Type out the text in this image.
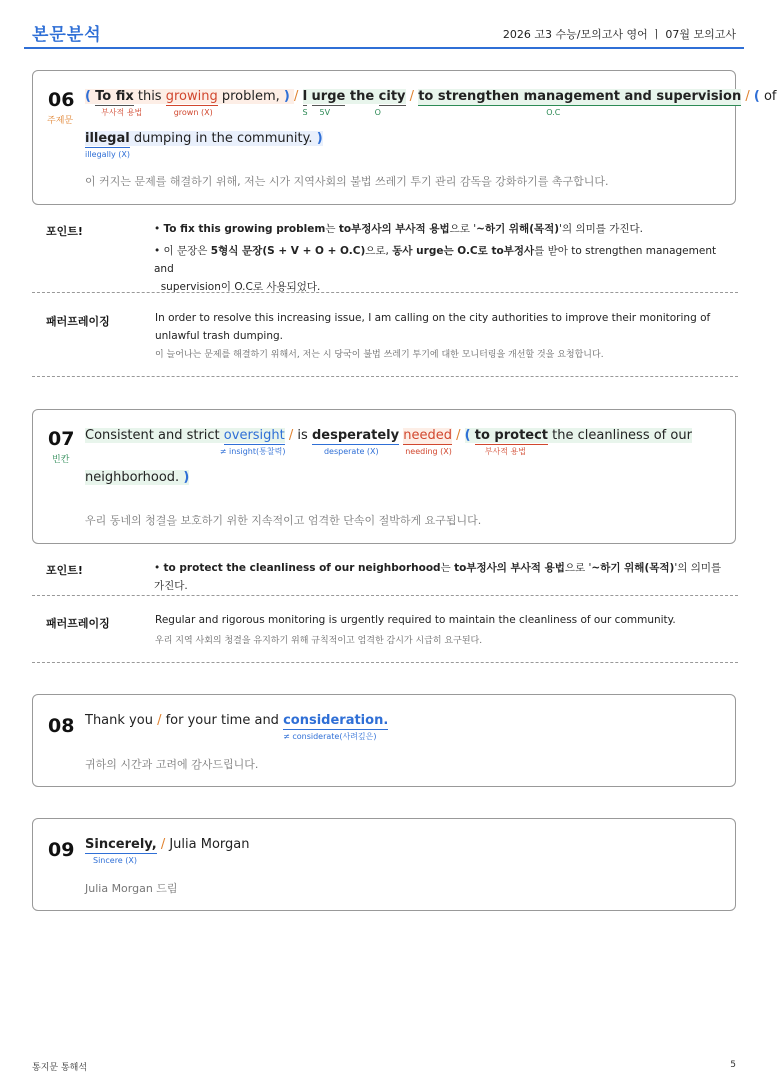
본문분석	2026 고3 수능/모의고사 영어 ㅣ 07월 모의고사
06
주제문
( To fix
부사적 용법
this growing
grown (X)
problem, ) / I
S
urge
5V
the city
O
/ to strengthen management and supervision
O.C
/ ( of
illegal
illegally (X)
dumping in the community. )
이 커지는 문제를 해결하기 위해, 저는 시가 지역사회의 불법 쓰레기 투기 관리 감독을 강화하기를 촉구합니다.
포인트!	• To fix this growing problem는 to부정사의 부사적 용법으로 '~하기 위해(목적)'의 의미를 가진다.
• 이 문장은 5형식 문장(S + V + O + O.C)으로, 동사 urge는 O.C로 to부정사를 받아 to strengthen management and
supervision이 O.C로 사용되었다.
패러프레이징	In order to resolve this increasing issue, I am calling on the city authorities to improve their monitoring of
unlawful trash dumping.
이 늘어나는 문제를 해결하기 위해서, 저는 시 당국이 불법 쓰레기 투기에 대한 모니터링을 개선할 것을 요청합니다.
07
빈칸
Consistent and strict oversight
≠ insight(통찰력)
/ is desperately
desperate (X)
needed
needing (X)
/ ( to protect
부사적 용법
the cleanliness of our
neighborhood. )
우리 동네의 청결을 보호하기 위한 지속적이고 엄격한 단속이 절박하게 요구됩니다.
포인트!	• to protect the cleanliness of our neighborhood는 to부정사의 부사적 용법으로 '~하기 위해(목적)'의 의미를 가진다.
패러프레이징	Regular and rigorous monitoring is urgently required to maintain the cleanliness of our community.
우리 지역 사회의 청결을 유지하기 위해 규칙적이고 엄격한 감시가 시급히 요구된다.
08 Thank you / for your time and consideration.
≠ considerate(사려깊은)
귀하의 시간과 고려에 감사드립니다.
09 Sincerely,
Sincere (X)
/ Julia Morgan
Julia Morgan 드림
통지문 통해석	5
